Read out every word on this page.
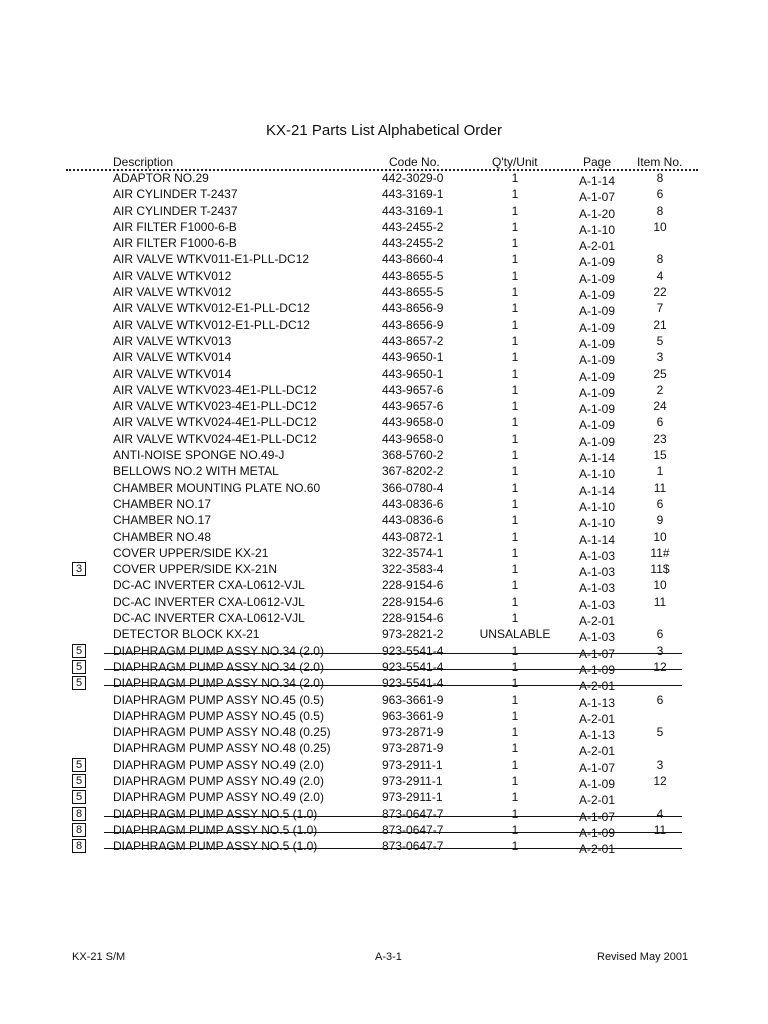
KX-21 Parts List Alphabetical Order
Description	Code No.	Q'ty/Unit	Page Item No.
ADAPTOR NO.29	442-3029-0	1	A-1-14	8
AIR CYLINDER T-2437	443-3169-1	1	A-1-07	6
AIR CYLINDER T-2437	443-3169-1	1	A-1-20	8
AIR FILTER F1000-6-B	443-2455-2	1	A-1-10	10
AIR FILTER F1000-6-B	443-2455-2	1	A-2-01
AIR VALVE WTKV011-E1-PLL-DC12	443-8660-4	1	A-1-09	8
AIR VALVE WTKV012	443-8655-5	1	A-1-09	4
AIR VALVE WTKV012	443-8655-5	1	A-1-09	22
AIR VALVE WTKV012-E1-PLL-DC12	443-8656-9	1	A-1-09	7
AIR VALVE WTKV012-E1-PLL-DC12	443-8656-9	1	A-1-09	21
AIR VALVE WTKV013	443-8657-2	1	A-1-09	5
AIR VALVE WTKV014	443-9650-1	1	A-1-09	3
AIR VALVE WTKV014	443-9650-1	1	A-1-09	25
AIR VALVE WTKV023-4E1-PLL-DC12	443-9657-6	1	A-1-09	2
AIR VALVE WTKV023-4E1-PLL-DC12	443-9657-6	1	A-1-09	24
AIR VALVE WTKV024-4E1-PLL-DC12	443-9658-0	1	A-1-09	6
AIR VALVE WTKV024-4E1-PLL-DC12	443-9658-0	1	A-1-09	23
ANTI-NOISE SPONGE NO.49-J	368-5760-2	1	A-1-14	15
BELLOWS NO.2 WITH METAL	367-8202-2	1	A-1-10	1
CHAMBER MOUNTING PLATE NO.60	366-0780-4	1	A-1-14	11
CHAMBER NO.17	443-0836-6	1	A-1-10	6
CHAMBER NO.17	443-0836-6	1	A-1-10	9
CHAMBER NO.48	443-0872-1	1	A-1-14	10
COVER UPPER/SIDE KX-21	322-3574-1	1	A-1-03	11#
3	COVER UPPER/SIDE KX-21N	322-3583-4	1	A-1-03	11$
DC-AC INVERTER CXA-L0612-VJL	228-9154-6	1	A-1-03	10
DC-AC INVERTER CXA-L0612-VJL	228-9154-6	1	A-1-03	11
DC-AC INVERTER CXA-L0612-VJL	228-9154-6	1	A-2-01
DETECTOR BLOCK KX-21	973-2821-2	UNSALABLE	A-1-03	6
5	DIAPHRAGM PUMP ASSY NO.34 (2.0)	923-5541-4	1	A-1-07	3
5	DIAPHRAGM PUMP ASSY NO.34 (2.0)	923-5541-4	1	A-1-09	12
5	DIAPHRAGM PUMP ASSY NO.34 (2.0)	923-5541-4	1	A-2-01
DIAPHRAGM PUMP ASSY NO.45 (0.5)	963-3661-9	1	A-1-13	6
DIAPHRAGM PUMP ASSY NO.45 (0.5)	963-3661-9	1	A-2-01
DIAPHRAGM PUMP ASSY NO.48 (0.25)	973-2871-9	1	A-1-13	5
DIAPHRAGM PUMP ASSY NO.48 (0.25)	973-2871-9	1	A-2-01
5	DIAPHRAGM PUMP ASSY NO.49 (2.0)	973-2911-1	1	A-1-07	3
5	DIAPHRAGM PUMP ASSY NO.49 (2.0)	973-2911-1	1	A-1-09	12
5	DIAPHRAGM PUMP ASSY NO.49 (2.0)	973-2911-1	1	A-2-01
8	DIAPHRAGM PUMP ASSY NO.5 (1.0)	873-0647-7	1	A-1-07	4
8	DIAPHRAGM PUMP ASSY NO.5 (1.0)	873-0647-7	1	A-1-09	11
8	DIAPHRAGM PUMP ASSY NO.5 (1.0)	873-0647-7	1	A-2-01
KX-21 S/M	A-3-1	Revised May 2001
